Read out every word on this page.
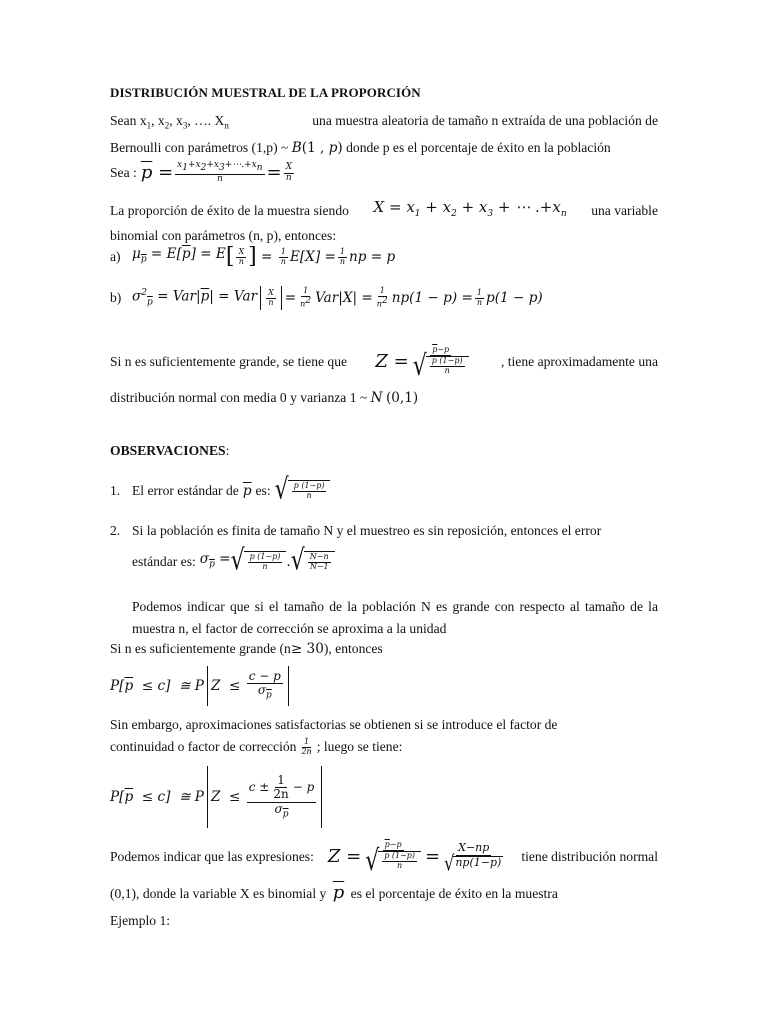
DISTRIBUCIÓN MUESTRAL DE LA PROPORCIÓN
Sean $x_1$, $x_2$, $x_3$, …. $X_n$	una muestra aleatoria de tamaño n extraída de una población de
Bernoulli con parámetros (1,p) ~ B(1 , p) donde p es el porcentaje de éxito en la población
Sea : $\overline{p} = \frac{x_1+x_2+x_3+\cdots.+x_n}{n} = \frac{X}{n}$
La proporción de éxito de la muestra siendo $X = x_1 + x_2 + x_3$ + ⋯ $.+x_n$ una variable
binomial con parámetros (n, p), entonces:
a) $\mu_{\overline{p}} = E[\overline{p}] = E$ [ $\frac{X}{n}$ ] = $\frac{1}{n} E[X] = \frac{1}{n}$ np = p
b) $\sigma^2_{\overline{p}} = Var|\overline{p}|$ = Var $\frac{X}{n} = \frac{1}{n^2} Var|X| = \frac{1}{n^2} np(1 - p) = \frac{1}{n} p(1 - p)$
Si n es suficientemente grande, se tiene que $Z = \frac{\overline{p}-p}{√ \frac{p (1-p)}{n}}$ , tiene aproximadamente una
distribución normal con media 0 y varianza 1 ~ N (0,1)
OBSERVACIONES:
1. El error estándar de $\overline{p}$ es: √ $\frac{p (1-p)}{n}$
2. Si la población es finita de tamaño N y el muestreo es sin reposición, entonces el error
estándar es: $\sigma_{\overline{p}}$ = √ $\frac{p (1-p)}{n}$ . √ $\frac{N-n}{N-1}$
Podemos indicar que si el tamaño de la población N es grande con respecto al tamaño de la muestra n, el factor de corrección se aproxima a la unidad
Si n es suficientemente grande (n≥ 30), entonces
$P[\overline{p} \le c]$  ≅ P $Z \le \frac{c - p}{\sigma_{\overline{p}}}$
Sin embargo, aproximaciones satisfactorias se obtienen si se introduce el factor de
continuidad o factor de corrección $\frac{1}{2n}$ ; luego se tiene:
$P[\overline{p} \le c]$  ≅ P $Z \le \frac{c \pm \frac{1}{2n} - p}{\sigma_{\overline{p}}}$
Podemos indicar que las expresiones: $Z = \frac{\overline{p}-p}{√ \frac{p (1-p)}{n}} = \frac{X-np}{√ np(1-p)}$ tiene distribución normal
(0,1), donde la variable X es binomial y $\overline{p}$ es el porcentaje de éxito en la muestra
Ejemplo 1:
